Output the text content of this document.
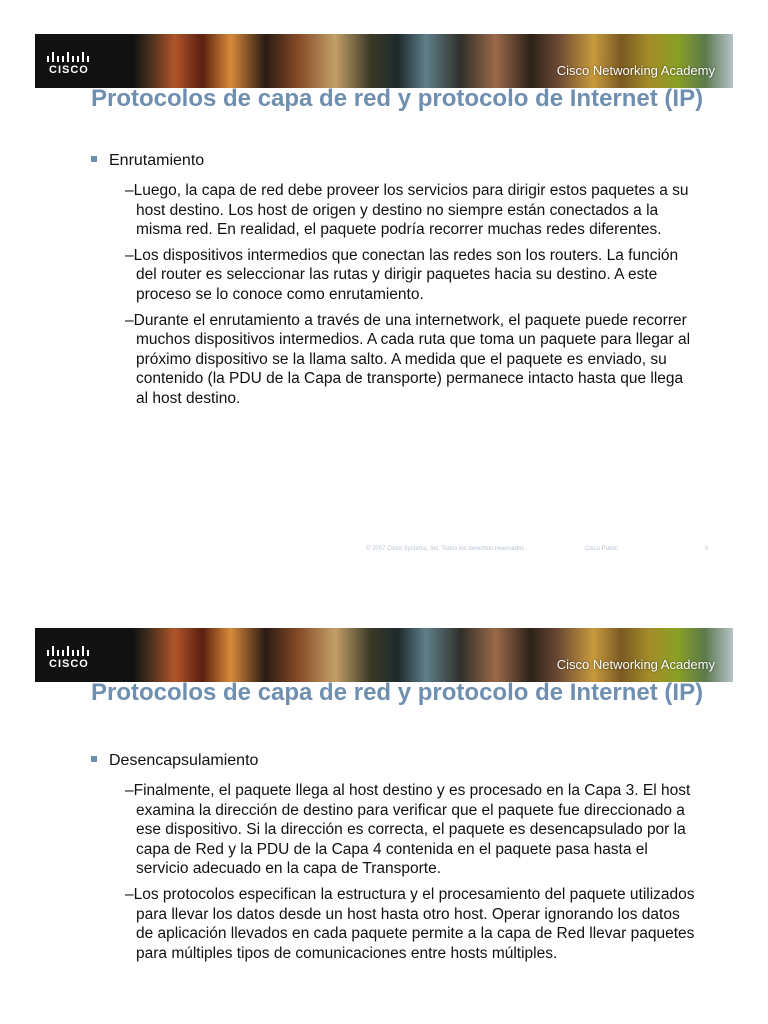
CISCO	Cisco Networking Academy
Protocolos de capa de red y protocolo de Internet (IP)
Enrutamiento
–Luego, la capa de red debe proveer los servicios para dirigir estos paquetes a su host destino. Los host de origen y destino no siempre están conectados a la misma red. En realidad, el paquete podría recorrer muchas redes diferentes.
–Los dispositivos intermedios que conectan las redes son los routers. La función del router es seleccionar las rutas y dirigir paquetes hacia su destino. A este proceso se lo conoce como enrutamiento.
–Durante el enrutamiento a través de una internetwork, el paquete puede recorrer muchos dispositivos intermedios. A cada ruta que toma un paquete para llegar al próximo dispositivo se la llama salto. A medida que el paquete es enviado, su contenido (la PDU de la Capa de transporte) permanece intacto hasta que llega al host destino.
© 2007 Cisco Systems, Inc. Todos los derechos reservados.	Cisco Public	5
CISCO	Cisco Networking Academy
Protocolos de capa de red y protocolo de Internet (IP)
Desencapsulamiento
–Finalmente, el paquete llega al host destino y es procesado en la Capa 3. El host examina la dirección de destino para verificar que el paquete fue direccionado a ese dispositivo. Si la dirección es correcta, el paquete es desencapsulado por la capa de Red y la PDU de la Capa 4 contenida en el paquete pasa hasta el servicio adecuado en la capa de Transporte.
–Los protocolos especifican la estructura y el procesamiento del paquete utilizados para llevar los datos desde un host hasta otro host. Operar ignorando los datos de aplicación llevados en cada paquete permite a la capa de Red llevar paquetes para múltiples tipos de comunicaciones entre hosts múltiples.
